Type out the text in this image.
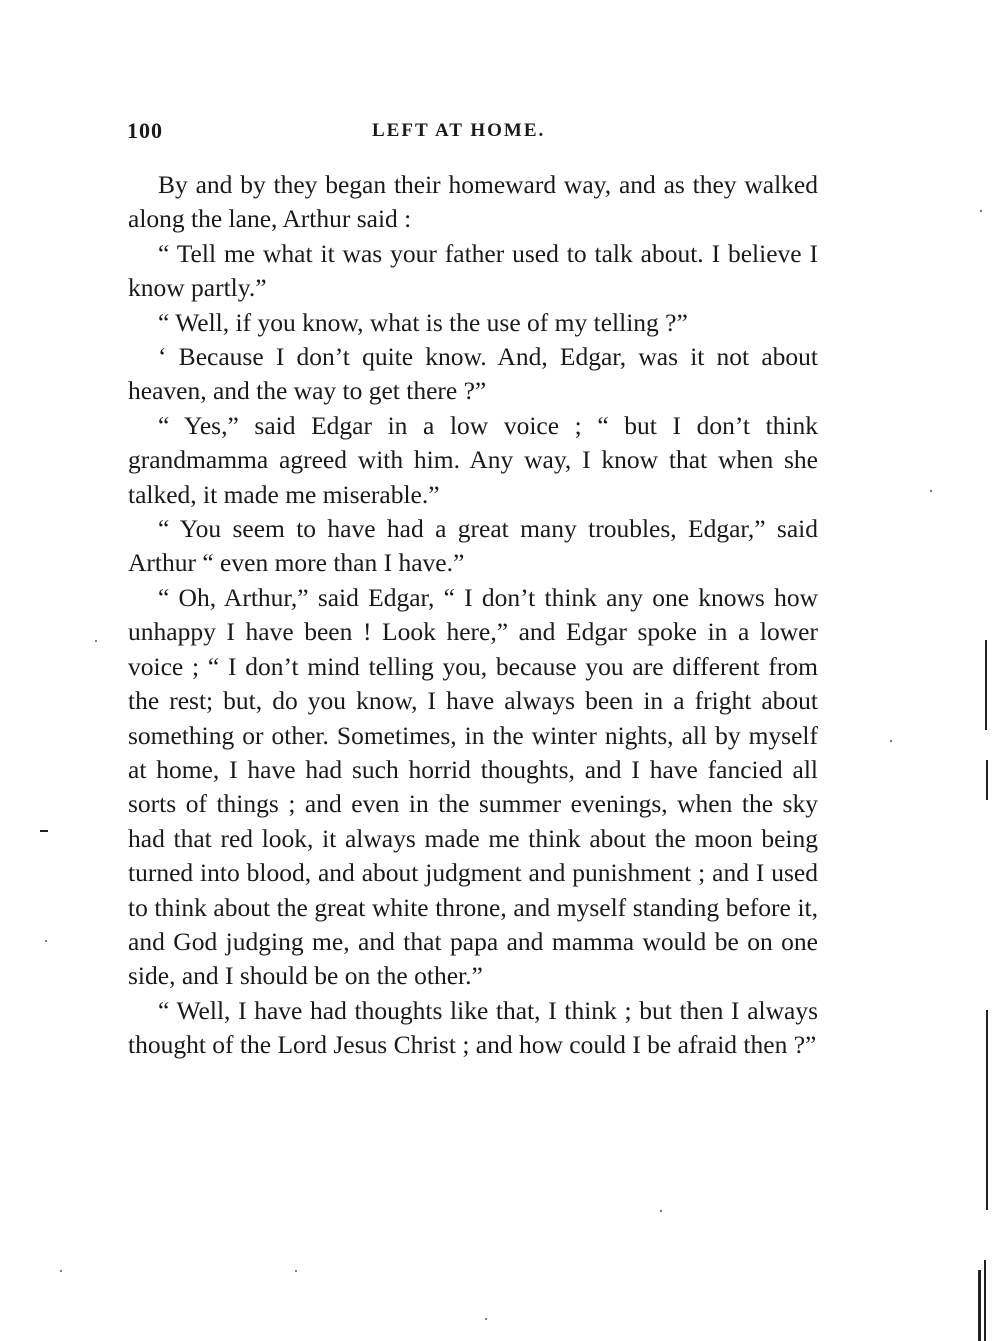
100	LEFT AT HOME.

By and by they began their homeward way, and as they walked along the lane, Arthur said :

“ Tell me what it was your father used to talk about. I believe I know partly.”

“ Well, if you know, what is the use of my telling ?”

‘ Because I don’t quite know. And, Edgar, was it not about heaven, and the way to get there ?”

“ Yes,” said Edgar in a low voice ; “ but I don’t think grandmamma agreed with him. Any way, I know that when she talked, it made me miserable.”

“ You seem to have had a great many troubles, Edgar,” said Arthur “ even more than I have.”

“ Oh, Arthur,” said Edgar, “ I don’t think any one knows how unhappy I have been ! Look here,” and Edgar spoke in a lower voice ; “ I don’t mind telling you, because you are different from the rest; but, do you know, I have always been in a fright about something or other. Sometimes, in the winter nights, all by myself at home, I have had such horrid thoughts, and I have fancied all sorts of things ; and even in the summer evenings, when the sky had that red look, it always made me think about the moon being turned into blood, and about judgment and punishment ; and I used to think about the great white throne, and myself standing before it, and God judging me, and that papa and mamma would be on one side, and I should be on the other.”

“ Well, I have had thoughts like that, I think ; but then I always thought of the Lord Jesus Christ ; and how could I be afraid then ?”
